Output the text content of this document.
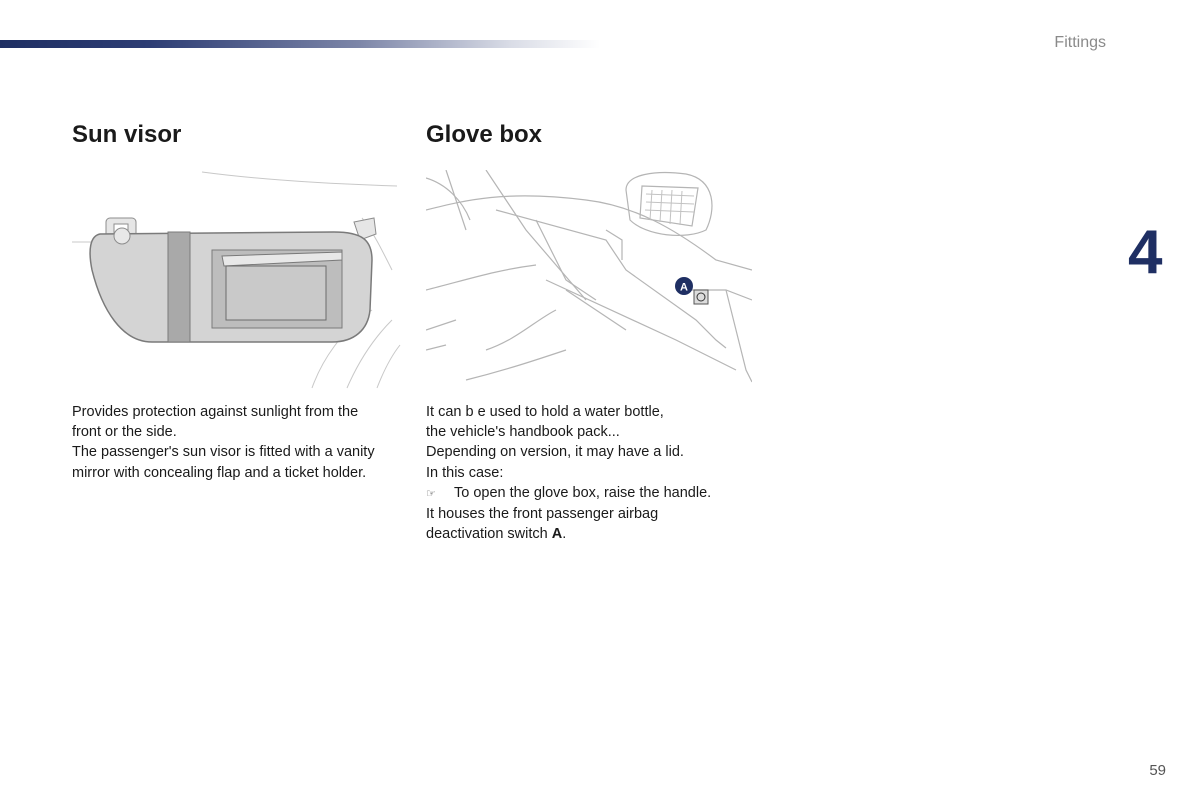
Fittings
4
Sun visor

Provides protection against sunlight from the

front or the side.

The passenger's sun visor is fitted with a vanity

mirror with concealing flap and a ticket holder.

Glove box
A

It can b e used to hold a water bottle,

the vehicle's handbook pack...

Depending on version, it may have a lid.

In this case:

☞ To open the glove box, raise the handle.

It houses the front passenger airbag

deactivation switch A.

59
